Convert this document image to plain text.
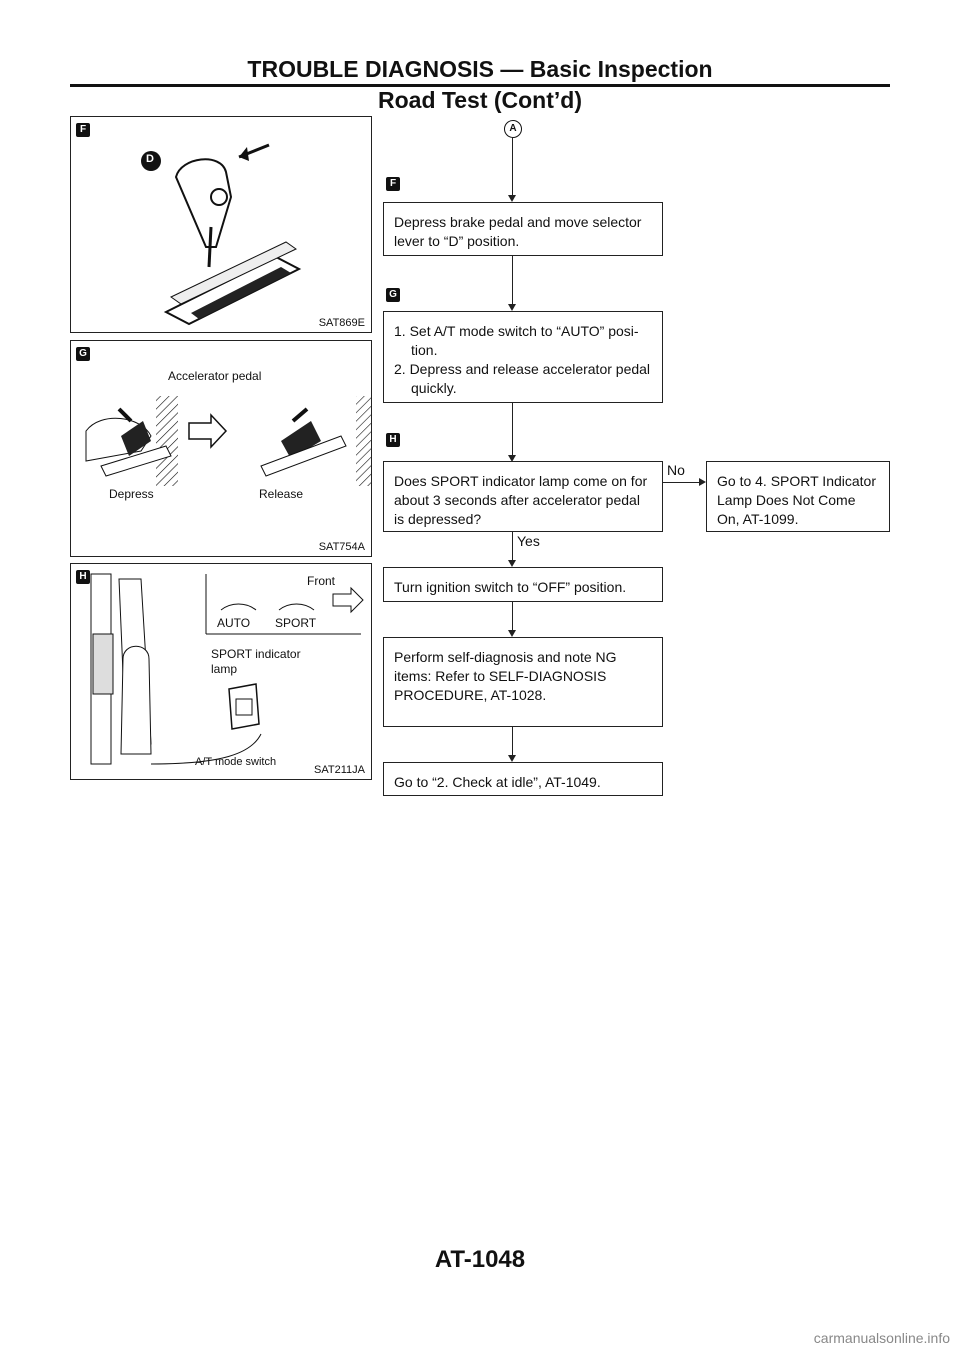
TROUBLE DIAGNOSIS — Basic Inspection
Road Test (Cont’d)
F
D
SAT869E
G
Accelerator pedal
Depress	Release
SAT754A
H	Front
AUTO SPORT
SPORT indicator
lamp
A/T mode switch
SAT211JA
A
F
Depress brake pedal and move selector lever to “D” position.
G
1. Set A/T mode switch to “AUTO” posi-
tion.
2. Depress and release accelerator pedal
quickly.
H
Does SPORT indicator lamp come on for about 3 seconds after accelerator pedal is depressed?
No
Go to 4. SPORT Indicator Lamp Does Not Come On, AT-1099.
Yes
Turn ignition switch to “OFF” position.
Perform self-diagnosis and note NG items: Refer to SELF-DIAGNOSIS PROCEDURE, AT-1028.
Go to “2. Check at idle”, AT-1049.
AT-1048
carmanualsonline.info
